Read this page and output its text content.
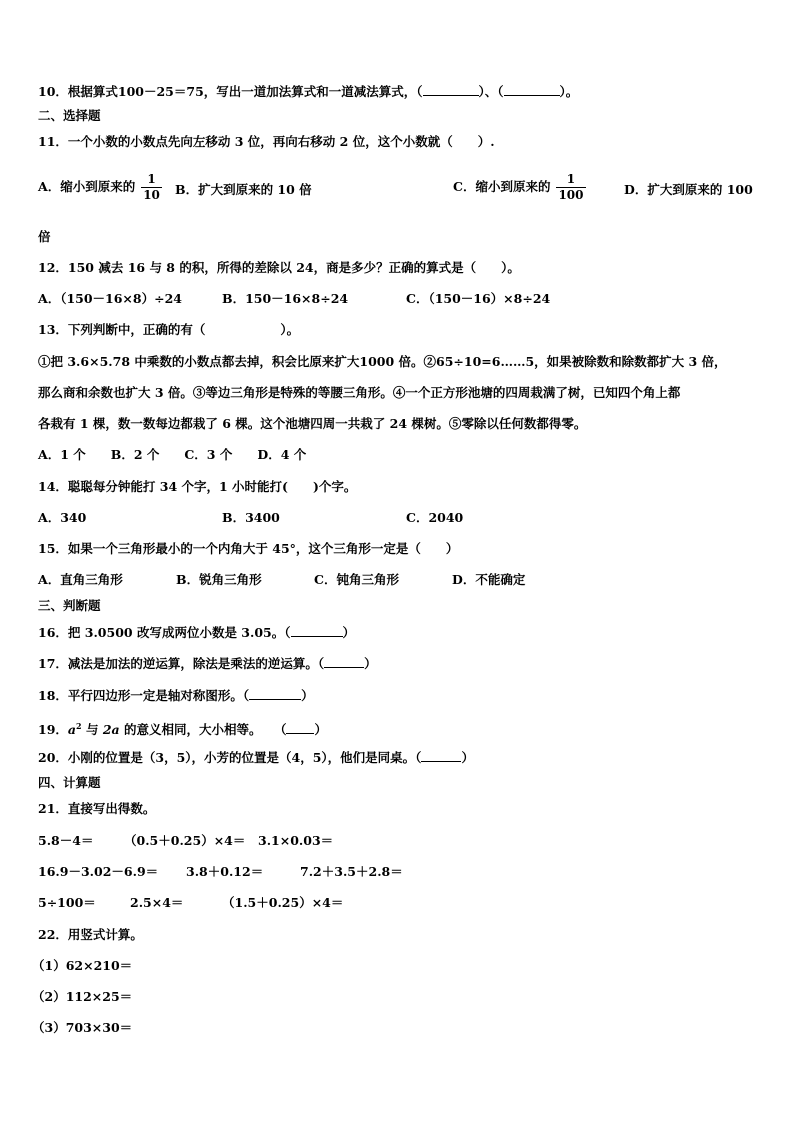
10．根据算式100－25＝75，写出一道加法算式和一道减法算式，（	）、（	）。
二、选择题
11．一个小数的小数点先向左移动 3 位，再向右移动 2 位，这个小数就（　　）.
A．缩小到原来的 $\frac{1}{10}$ B．扩大到原来的 10 倍	C．缩小到原来的 $\frac{1}{100}$	D．扩大到原来的 100
倍
12．150 减去 16 与 8 的积，所得的差除以 24，商是多少？正确的算式是（　　）。
A．（150－16×8）÷24	B．150－16×8÷24	C．（150－16）×8÷24
13．下列判断中，正确的有（　　　　　　）。
①把 3.6×5.78 中乘数的小数点都去掉，积会比原来扩大1000 倍。②65÷10=6……5，如果被除数和除数都扩大 3 倍，
那么商和余数也扩大 3 倍。③等边三角形是特殊的等腰三角形。④一个正方形池塘的四周栽满了树，已知四个角上都
各栽有 1 棵，数一数每边都栽了 6 棵。这个池塘四周一共栽了 24 棵树。⑤零除以任何数都得零。
A．1 个　　B．2 个　　C．3 个　　D．4 个
14．聪聪每分钟能打 34 个字，1 小时能打(　　)个字。
A．340	B．3400	C．2040
15．如果一个三角形最小的一个内角大于 45°，这个三角形一定是（　　）
A．直角三角形	B．锐角三角形	C．钝角三角形	D．不能确定
三、判断题
16．把 3.0500 改写成两位小数是 3.05。（	）
17．减法是加法的逆运算，除法是乘法的逆运算。（	）
18．平行四边形一定是轴对称图形。（	）
19．$a^2$ 与 2a 的意义相同，大小相等。　　（ ）
20．小刚的位置是（3，5），小芳的位置是（4，5），他们是同桌。（	）
四、计算题
21．直接写出得数。
5.8－4＝ （0.5＋0.25）×4＝ 3.1×0.03＝
16.9－3.02－6.9＝ 3.8＋0.12＝	7.2＋3.5＋2.8＝
5÷100＝	2.5×4＝	（1.5＋0.25）×4＝
22．用竖式计算。
（1）62×210＝
（2）112×25＝
（3）703×30＝
